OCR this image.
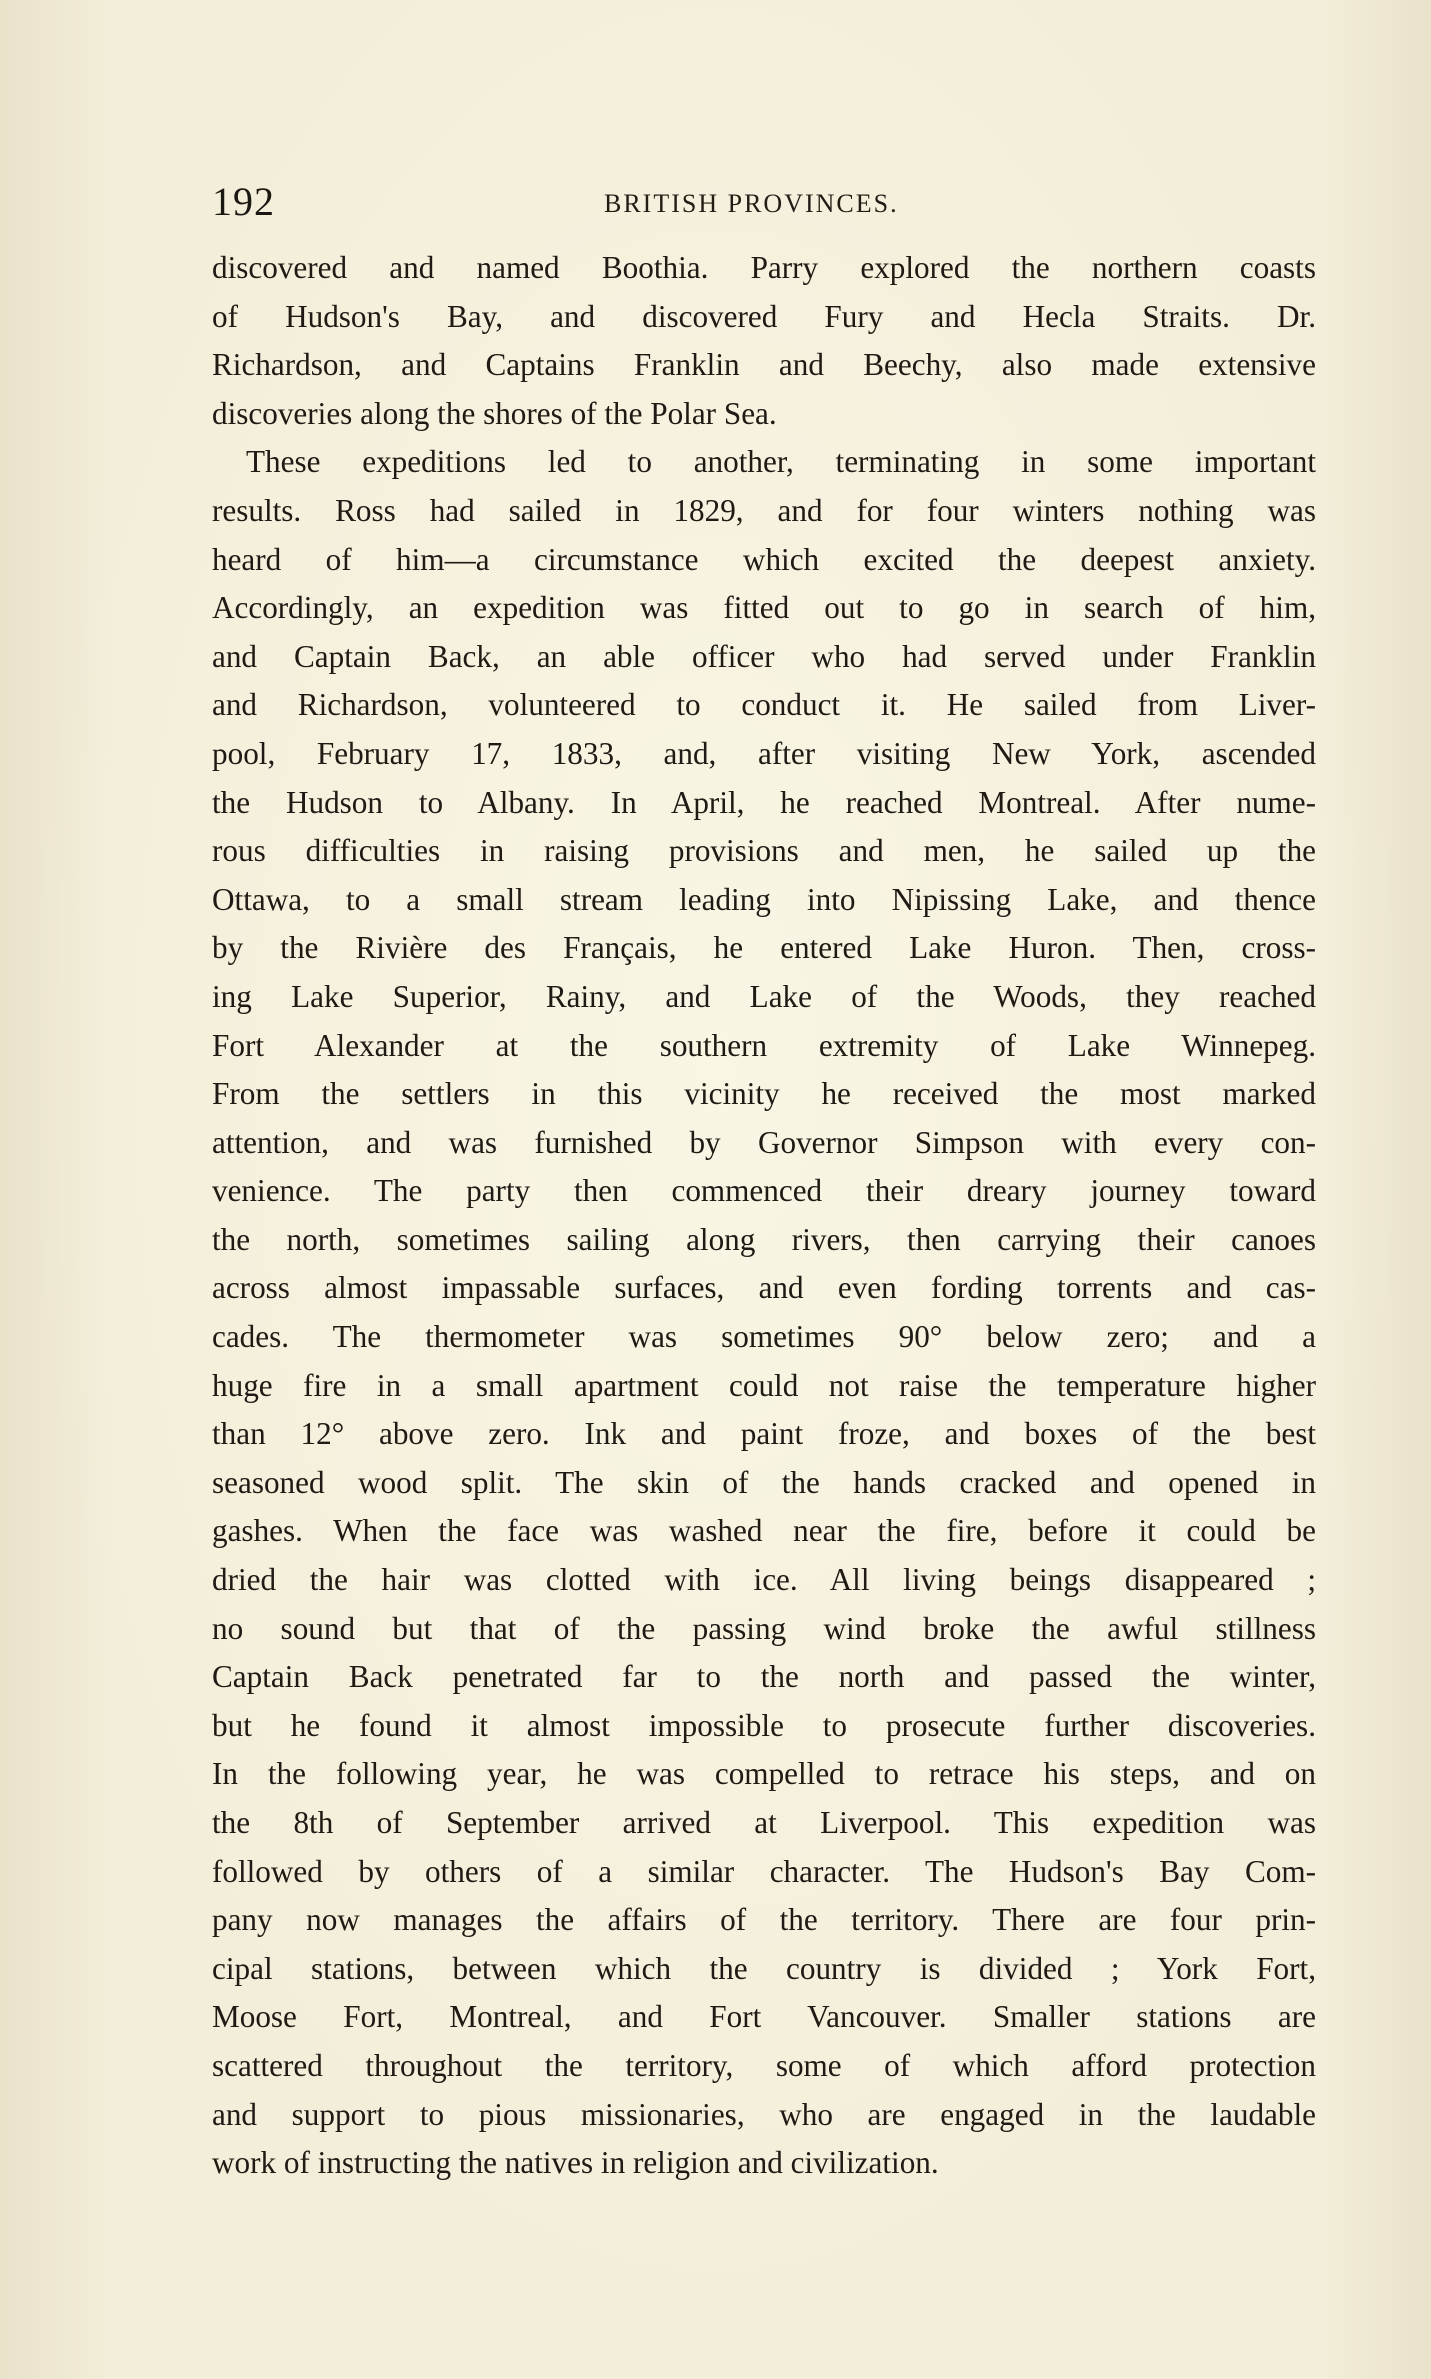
192	BRITISH PROVINCES.
discovered and named Boothia. Parry explored the northern coasts
of Hudson's Bay, and discovered Fury and Hecla Straits. Dr.
Richardson, and Captains Franklin and Beechy, also made extensive
discoveries along the shores of the Polar Sea.
These expeditions led to another, terminating in some important
results. Ross had sailed in 1829, and for four winters nothing was
heard of him—a circumstance which excited the deepest anxiety.
Accordingly, an expedition was fitted out to go in search of him,
and Captain Back, an able officer who had served under Franklin
and Richardson, volunteered to conduct it. He sailed from Liver-
pool, February 17, 1833, and, after visiting New York, ascended
the Hudson to Albany. In April, he reached Montreal. After nume-
rous difficulties in raising provisions and men, he sailed up the
Ottawa, to a small stream leading into Nipissing Lake, and thence
by the Rivière des Français, he entered Lake Huron. Then, cross-
ing Lake Superior, Rainy, and Lake of the Woods, they reached
Fort Alexander at the southern extremity of Lake Winnepeg.
From the settlers in this vicinity he received the most marked
attention, and was furnished by Governor Simpson with every con-
venience. The party then commenced their dreary journey toward
the north, sometimes sailing along rivers, then carrying their canoes
across almost impassable surfaces, and even fording torrents and cas-
cades. The thermometer was sometimes 90° below zero; and a
huge fire in a small apartment could not raise the temperature higher
than 12° above zero. Ink and paint froze, and boxes of the best
seasoned wood split. The skin of the hands cracked and opened in
gashes. When the face was washed near the fire, before it could be
dried the hair was clotted with ice. All living beings disappeared ;
no sound but that of the passing wind broke the awful stillness
Captain Back penetrated far to the north and passed the winter,
but he found it almost impossible to prosecute further discoveries.
In the following year, he was compelled to retrace his steps, and on
the 8th of September arrived at Liverpool. This expedition was
followed by others of a similar character. The Hudson's Bay Com-
pany now manages the affairs of the territory. There are four prin-
cipal stations, between which the country is divided ; York Fort,
Moose Fort, Montreal, and Fort Vancouver. Smaller stations are
scattered throughout the territory, some of which afford protection
and support to pious missionaries, who are engaged in the laudable
work of instructing the natives in religion and civilization.
